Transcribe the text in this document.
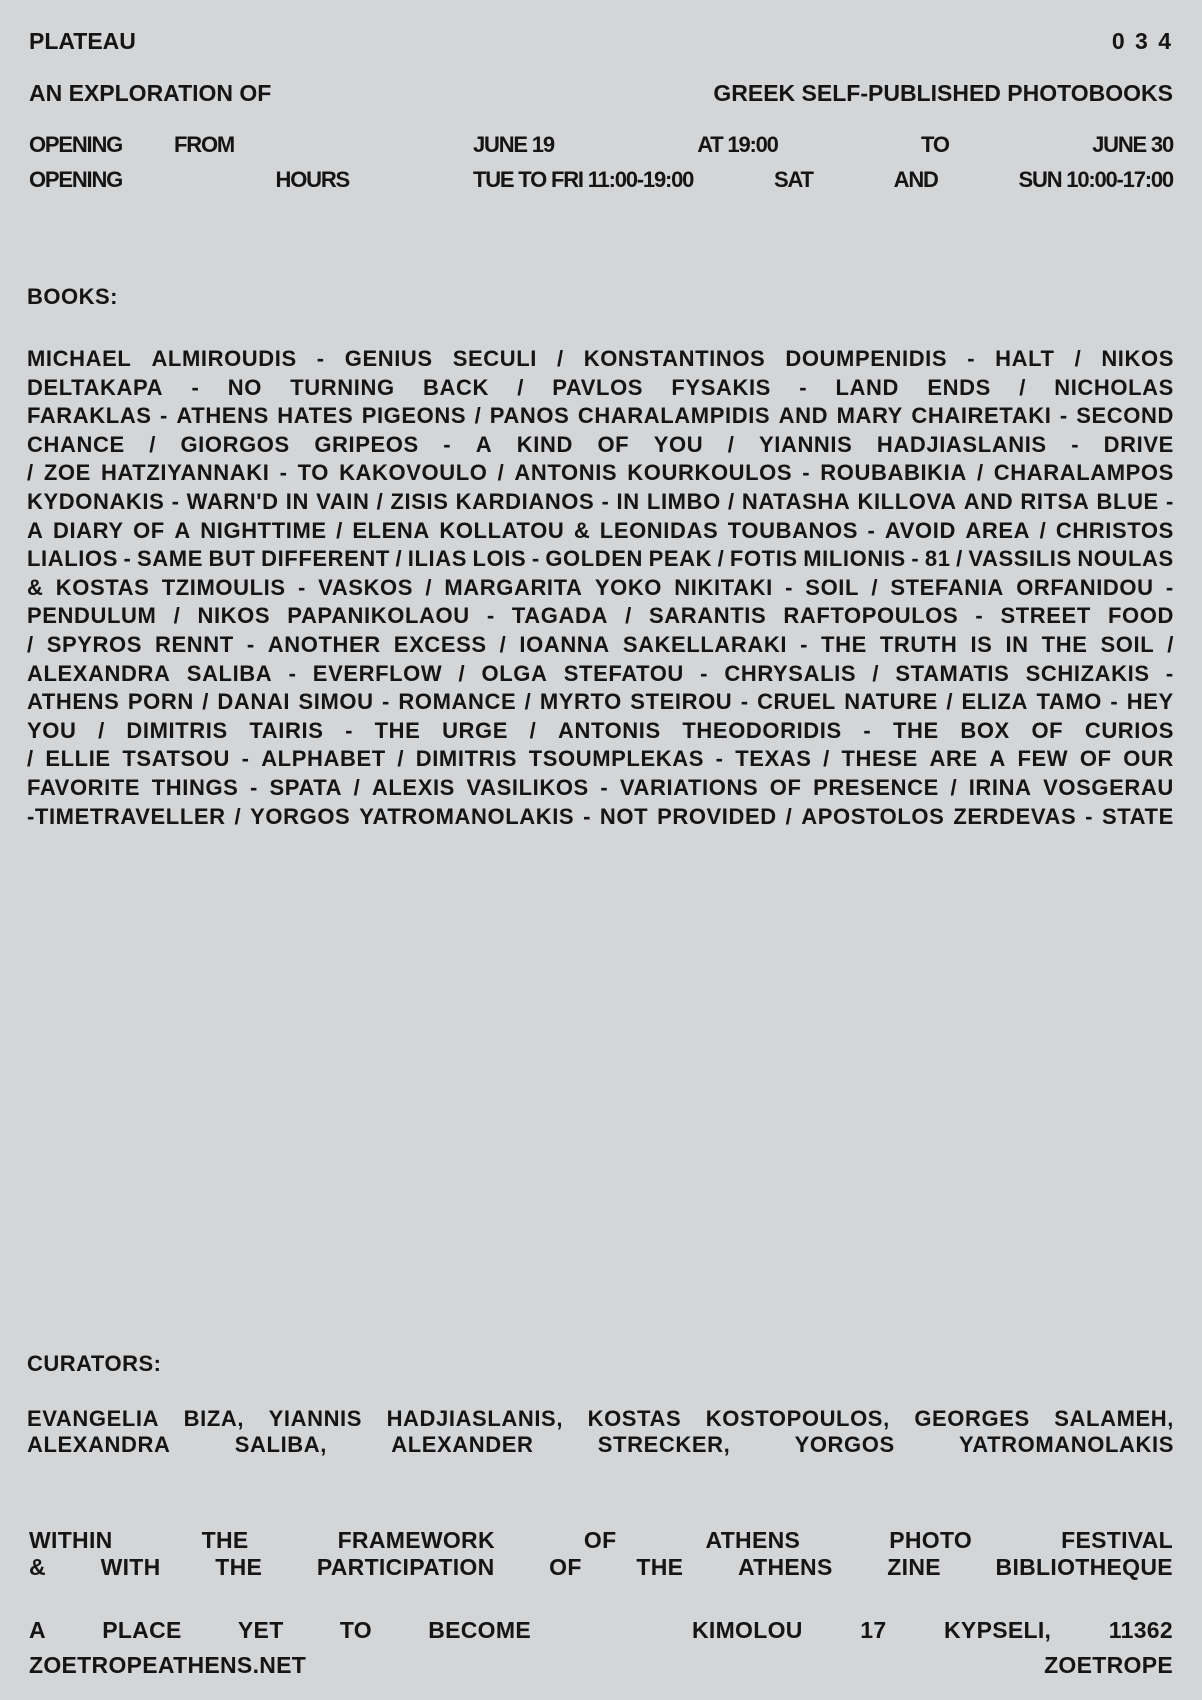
PLATEAU	0 3 4
AN EXPLORATION OF	GREEK SELF-PUBLISHED PHOTOBOOKS
OPENING FROM	JUNE 19	AT 19:00	TO	JUNE 30
OPENING	HOURS	TUE TO FRI 11:00-19:00	SAT	AND	SUN 10:00-17:00
BOOKS:
MICHAEL ALMIROUDIS - GENIUS SECULI / KONSTANTINOS DOUMPENIDIS - HALT / NIKOS
DELTAKAPA - NO TURNING BACK / PAVLOS FYSAKIS - LAND ENDS / NICHOLAS
FARAKLAS - ATHENS HATES PIGEONS / PANOS CHARALAMPIDIS AND MARY CHAIRETAKI - SECOND
CHANCE / GIORGOS GRIPEOS - A KIND OF YOU / YIANNIS HADJIASLANIS - DRIVE
/ ZOE HATZIYANNAKI - TO KAKOVOULO / ANTONIS KOURKOULOS - ROUBABIKIA / CHARALAMPOS
KYDONAKIS - WARN'D IN VAIN / ZISIS KARDIANOS - IN LIMBO / NATASHA KILLOVA AND RITSA BLUE -
A DIARY OF A NIGHTTIME / ELENA KOLLATOU & LEONIDAS TOUBANOS - AVOID AREA / CHRISTOS
LIALIOS - SAME BUT DIFFERENT / ILIAS LOIS - GOLDEN PEAK / FOTIS MILIONIS - 81 / VASSILIS NOULAS
& KOSTAS TZIMOULIS - VASKOS / MARGARITA YOKO NIKITAKI - SOIL / STEFANIA ORFANIDOU -
PENDULUM / NIKOS PAPANIKOLAOU - TAGADA / SARANTIS RAFTOPOULOS - STREET FOOD
/ SPYROS RENNT - ANOTHER EXCESS / IOANNA SAKELLARAKI - THE TRUTH IS IN THE SOIL /
ALEXANDRA SALIBA - EVERFLOW / OLGA STEFATOU - CHRYSALIS / STAMATIS SCHIZAKIS -
ATHENS PORN / DANAI SIMOU - ROMANCE / MYRTO STEIROU - CRUEL NATURE / ELIZA TAMO - HEY
YOU / DIMITRIS TAIRIS - THE URGE / ANTONIS THEODORIDIS - THE BOX OF CURIOS
/ ELLIE TSATSOU - ALPHABET / DIMITRIS TSOUMPLEKAS - TEXAS / THESE ARE A FEW OF OUR
FAVORITE THINGS - SPATA / ALEXIS VASILIKOS - VARIATIONS OF PRESENCE / IRINA VOSGERAU
-TIMETRAVELLER / YORGOS YATROMANOLAKIS - NOT PROVIDED / APOSTOLOS ZERDEVAS - STATE
CURATORS:
EVANGELIA BIZA, YIANNIS HADJIASLANIS, KOSTAS KOSTOPOULOS, GEORGES SALAMEH,
ALEXANDRA	SALIBA,	ALEXANDER	STRECKER,	YORGOS	YATROMANOLAKIS
WITHIN	THE	FRAMEWORK	OF	ATHENS	PHOTO	FESTIVAL
& WITH THE PARTICIPATION OF THE ATHENS ZINE BIBLIOTHEQUE
A PLACE YET TO BECOME	KIMOLOU	17	KYPSELI,	11362
ZOETROPEATHENS.NET	ZOETROPE
